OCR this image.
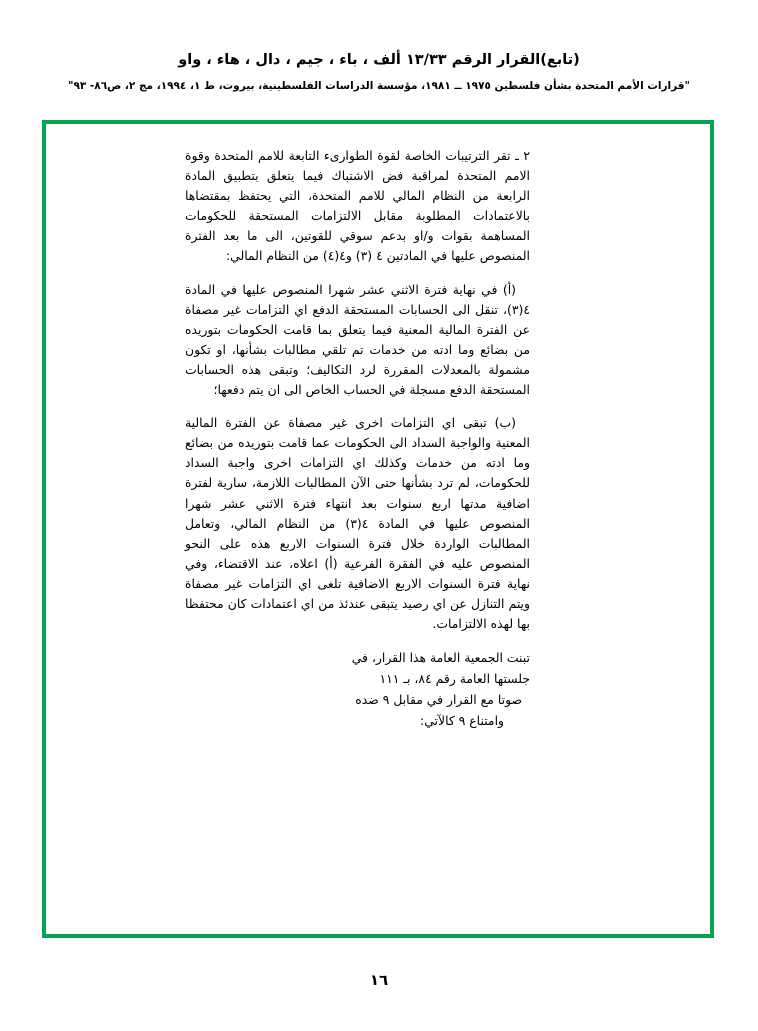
(تابع)القرار الرقم ١٣/٣٣ ألف ، باء ، جيم ، دال ، هاء ، واو
"قرارات الأمم المتحدة بشأن فلسطين ١٩٧٥ ــ ١٩٨١، مؤسسة الدراسات الفلسطينية، بيروت، ط ١، ١٩٩٤، مج ٢، ص٨٦- ٩٣"

٢ ـ تقر الترتيبات الخاصة لقوة الطوارىء التابعة للامم المتحدة وقوة الامم المتحدة لمراقبة فض الاشتباك فيما يتعلق بتطبيق المادة الرابعة من النظام المالي للامم المتحدة، التي يحتفظ بمقتضاها بالاعتمادات المطلوبة مقابل الالتزامات المستحقة للحكومات المساهمة بقوات و/او بدعم سوقي للقوتين، الى ما بعد الفترة المنصوص عليها في المادتين ٤ (٣) و٤(٤) من النظام المالي:

(أ) في نهاية فترة الاثني عشر شهرا المنصوص عليها في المادة ٤(٣)، تنقل الى الحسابات المستحقة الدفع اي التزامات غير مصفاة عن الفترة المالية المعنية فيما يتعلق بما قامت الحكومات بتوريده من بضائع وما ادته من خدمات تم تلقي مطالبات بشأنها، او تكون مشمولة بالمعدلات المقررة لرد التكاليف؛ وتبقى هذه الحسابات المستحقة الدفع مسجلة في الحساب الخاص الى ان يتم دفعها؛

(ب) تبقى اي التزامات اخرى غير مصفاة عن الفترة المالية المعنية والواجبة السداد الى الحكومات عما قامت بتوريده من بضائع وما ادته من خدمات وكذلك اي التزامات اخرى واجبة السداد للحكومات، لم ترد بشأنها حتى الآن المطالبات اللازمة، سارية لفترة اضافية مدتها اربع سنوات بعد انتهاء فترة الاثني عشر شهرا المنصوص عليها في المادة ٤(٣) من النظام المالي، وتعامل المطالبات الواردة خلال فترة السنوات الاربع هذه على النحو المنصوص عليه في الفقرة الفرعية (أ) اعلاه، عند الاقتضاء، وفي نهاية فترة السنوات الاربع الاضافية تلغى اي التزامات غير مصفاة ويتم التنازل عن اي رصيد يتبقى عندئذ من اي اعتمادات كان محتفظا بها لهذه الالتزامات.

تبنت الجمعية العامة هذا القرار، في
جلستها العامة رقم ٨٤، بـ ١١١
صوتا مع القرار في مقابل ٩ ضده
وامتناع ٩ كالآتي:
١٦
